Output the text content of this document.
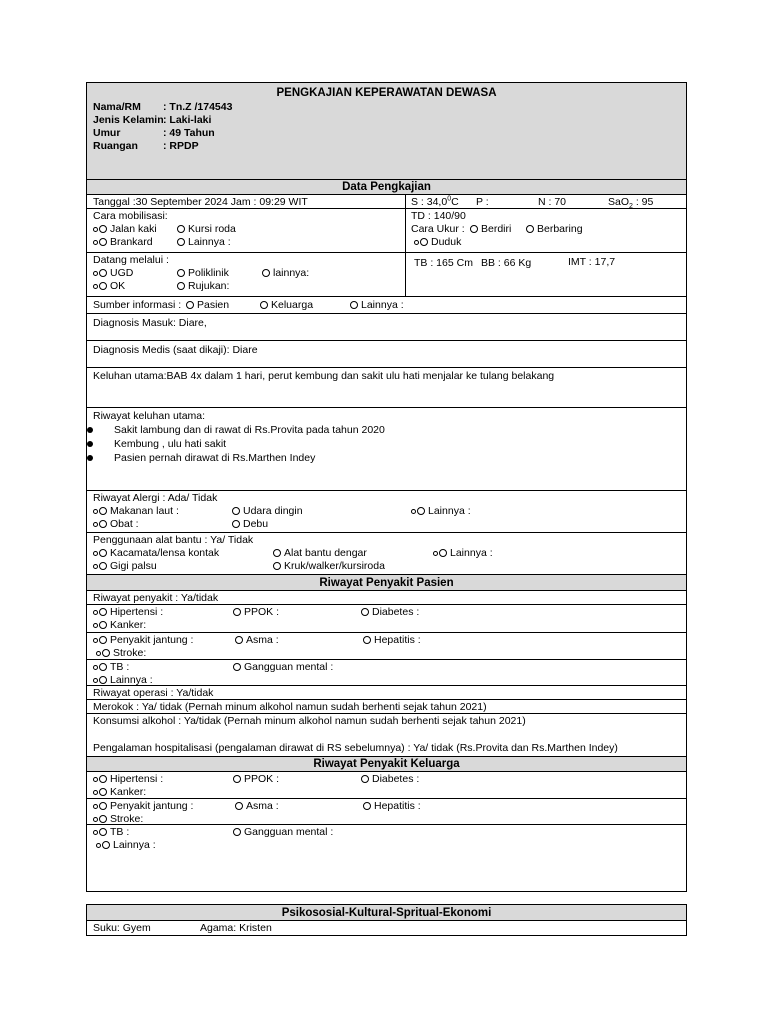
PENGKAJIAN KEPERAWATAN DEWASA
Nama/RM : Tn.Z /174543
Jenis Kelamin : Laki-laki
Umur	: 49 Tahun
Ruangan : RPDP
Data Pengkajian
Tanggal :30 September 2024 Jam : 09:29 WIT	S : 34,0$^0$C P :	N : 70	SaO$_2$ : 95
Cara mobilisasi:
Jalan kaki	Kursi roda
Brankard	Lainnya :
TD : 140/90
Cara Ukur :	Berdiri	Berbaring
Duduk
Datang melalui :
UGD	Poliklinik	lainnya:
OK	Rujukan:
TB : 165 Cm BB : 66 Kg	IMT : 17,7
Sumber informasi :	Pasien	Keluarga	Lainnya :
Diagnosis Masuk: Diare,
Diagnosis Medis (saat dikaji): Diare
Keluhan utama:BAB 4x dalam 1 hari, perut kembung dan sakit ulu hati menjalar ke tulang belakang
Riwayat keluhan utama:
Sakit lambung dan di rawat di Rs.Provita pada tahun 2020
Kembung , ulu hati sakit
Pasien pernah dirawat di Rs.Marthen Indey
Riwayat Alergi : Ada/ Tidak
Makanan laut :	Udara dingin	Lainnya :
Obat :	Debu
Penggunaan alat bantu : Ya/ Tidak
Kacamata/lensa kontak	Alat bantu dengar	Lainnya :
Gigi palsu	Kruk/walker/kursiroda
Riwayat Penyakit Pasien
Riwayat penyakit : Ya/tidak
Hipertensi :	PPOK :	Diabetes :
Kanker:
Penyakit jantung :	Asma :	Hepatitis :
Stroke:
TB :	Gangguan mental :
Lainnya :
Riwayat operasi : Ya/tidak
Merokok : Ya/ tidak (Pernah minum alkohol namun sudah berhenti sejak tahun 2021)
Konsumsi alkohol : Ya/tidak (Pernah minum alkohol namun sudah berhenti sejak tahun 2021)
Pengalaman hospitalisasi (pengalaman dirawat di RS sebelumnya) : Ya/ tidak (Rs.Provita dan Rs.Marthen Indey)
Riwayat Penyakit Keluarga
Hipertensi :	PPOK :	Diabetes :
Kanker:
Penyakit jantung :	Asma :	Hepatitis :
Stroke:
TB :	Gangguan mental :
Lainnya :
Psikososial-Kultural-Spritual-Ekonomi
Suku: Gyem	Agama: Kristen
